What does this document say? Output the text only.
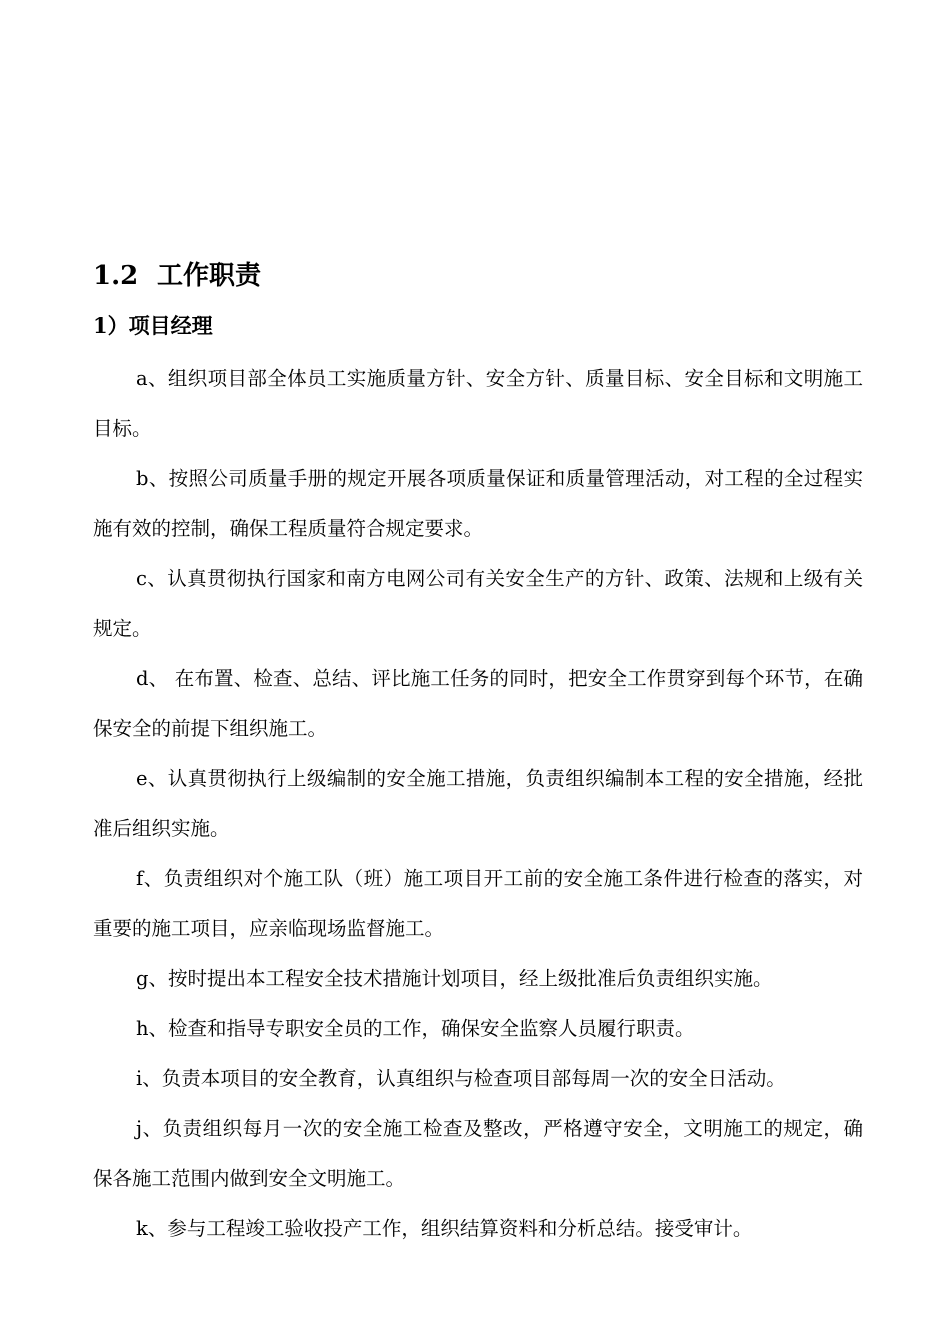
1.2 工作职责
1）项目经理
a、组织项目部全体员工实施质量方针、安全方针、质量目标、安全目标和文明施工目标。
b、按照公司质量手册的规定开展各项质量保证和质量管理活动，对工程的全过程实施有效的控制，确保工程质量符合规定要求。
c、认真贯彻执行国家和南方电网公司有关安全生产的方针、政策、法规和上级有关规定。
d、 在布置、检查、总结、评比施工任务的同时，把安全工作贯穿到每个环节，在确保安全的前提下组织施工。
e、认真贯彻执行上级编制的安全施工措施，负责组织编制本工程的安全措施，经批准后组织实施。
f、负责组织对个施工队（班）施工项目开工前的安全施工条件进行检查的落实，对重要的施工项目，应亲临现场监督施工。
g、按时提出本工程安全技术措施计划项目，经上级批准后负责组织实施。
h、检查和指导专职安全员的工作，确保安全监察人员履行职责。
i、负责本项目的安全教育，认真组织与检查项目部每周一次的安全日活动。
j、负责组织每月一次的安全施工检查及整改，严格遵守安全，文明施工的规定，确保各施工范围内做到安全文明施工。
k、参与工程竣工验收投产工作，组织结算资料和分析总结。接受审计。
